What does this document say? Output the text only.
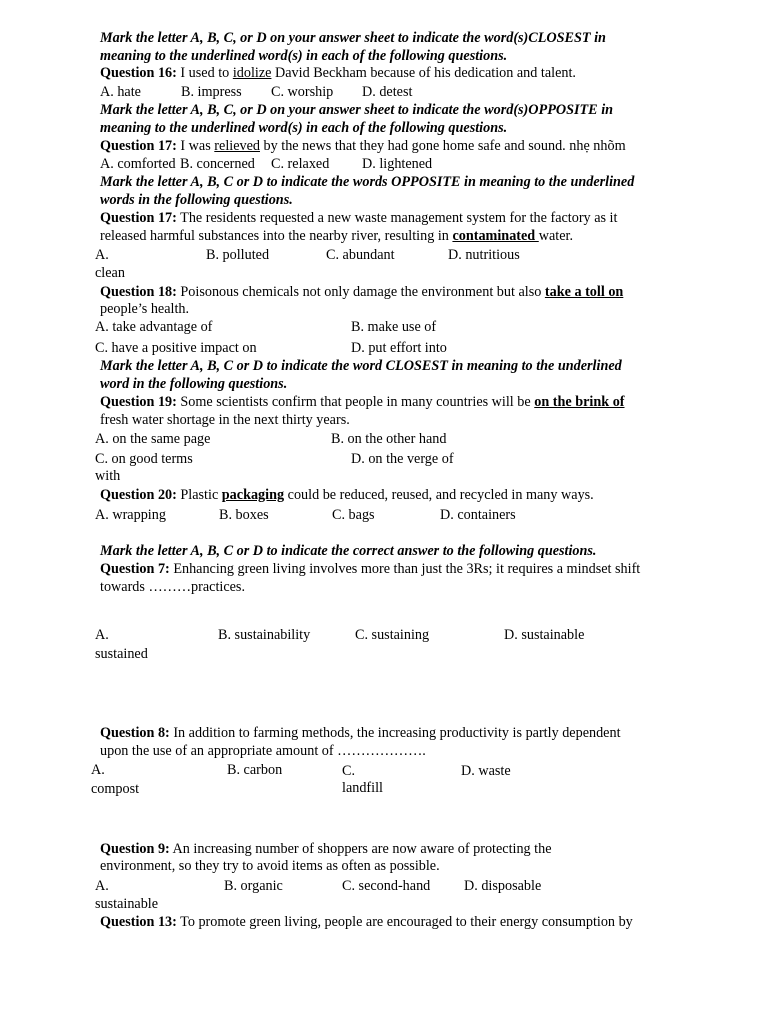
Mark the letter A, B, C, or D on your answer sheet to indicate the word(s)CLOSEST in
meaning to the underlined word(s) in each of the following questions.
Question 16: I used to idolize David Beckham because of his dedication and talent.
A. hate	B. impress C. worship D. detest
Mark the letter A, B, C, or D on your answer sheet to indicate the word(s)OPPOSITE in
meaning to the underlined word(s) in each of the following questions.
Question 17: I was relieved by the news that they had gone home safe and sound. nhẹ nhõm
A. comforted B. concerned C. relaxed D. lightened
Mark the letter A, B, C or D to indicate the words OPPOSITE in meaning to the underlined
words in the following questions.
Question 17: The residents requested a new waste management system for the factory as it
released harmful substances into the nearby river, resulting in contaminated water.
A.	B. polluted	C. abundant	D. nutritious
clean
Question 18: Poisonous chemicals not only damage the environment but also take a toll on
people’s health.
A. take advantage of	B. make use of
C. have a positive impact on	D. put effort into
Mark the letter A, B, C or D to indicate the word CLOSEST in meaning to the underlined
word in the following questions.
Question 19: Some scientists confirm that people in many countries will be on the brink of
fresh water shortage in the next thirty years.
A. on the same page	B. on the other hand
C. on good terms	D. on the verge of
with
Question 20: Plastic packaging could be reduced, reused, and recycled in many ways.
A. wrapping	B. boxes	C. bags	D. containers
Mark the letter A, B, C or D to indicate the correct answer to the following questions.
Question 7: Enhancing green living involves more than just the 3Rs; it requires a mindset shift
towards ………practices.
A.	B. sustainability	C. sustaining	D. sustainable
sustained
Question 8: In addition to farming methods, the increasing productivity is partly dependent
upon the use of an appropriate amount of ……………….
A.	B. carbon	C.	D. waste
compost	landfill
Question 9: An increasing number of shoppers are now aware of protecting the
environment, so they try to avoid items as often as possible.
A.	B. organic	C. second-hand D. disposable
sustainable
Question 13: To promote green living, people are encouraged to their energy consumption by
